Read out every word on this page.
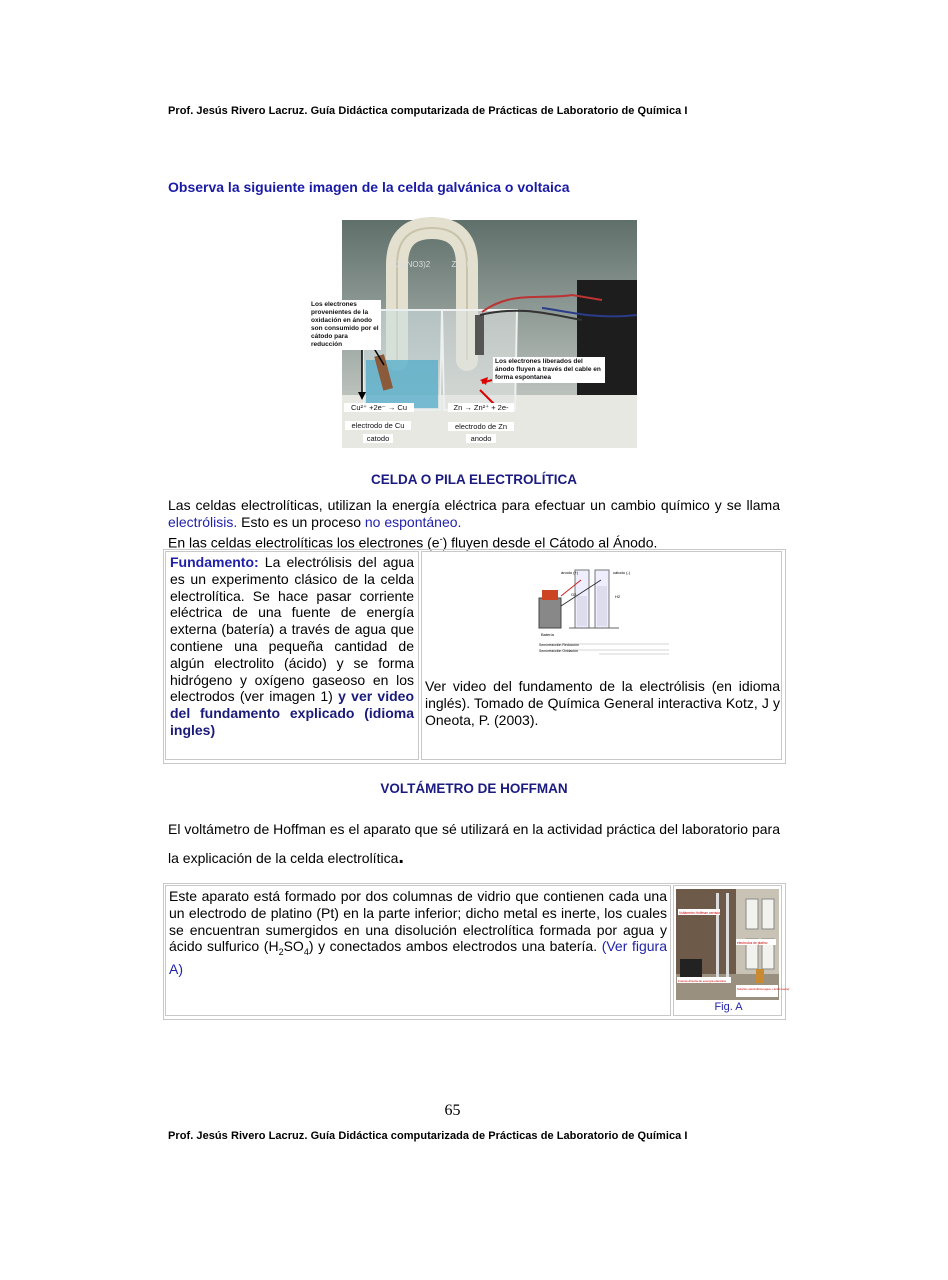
Prof. Jesús Rivero Lacruz. Guía Didáctica computarizada de Prácticas de Laboratorio de Química I
Observa la siguiente imagen de la celda galvánica o voltaica
Cu(NO3)2	ZnCl2
Los electrones provenientes de la oxidación en ánodo son consumido por el cátodo para reducción
Los electrones liberados del ánodo fluyen a través del cable en forma espontanea
Cu²⁺ +2e⁻ → Cu	Zn → Zn²⁺ + 2e-
electrodo de Cu
catodo
electrodo de Zn
anodo
CELDA O PILA ELECTROLÍTICA
Las celdas electrolíticas, utilizan la energía eléctrica para efectuar un cambio químico y se llama electrólisis. Esto es un proceso no espontáneo.
En las celdas electrolíticas los electrones (e-) fluyen desde el Cátodo al Ánodo.
Fundamento: La electrólisis del agua es un experimento clásico de la celda electrolítica. Se hace pasar corriente eléctrica de una fuente de energía externa (batería) a través de agua que contiene una pequeña cantidad de algún electrolito (ácido) y se forma hidrógeno y oxígeno gaseoso en los electrodos (ver imagen 1) y ver video del fundamento explicado (idioma ingles)
ánodo (+)	cátodo (-)
Batería
O2	H2
Semirreacción Reducción
Semirreacción Oxidación
Ver video del fundamento de la electrólisis (en idioma inglés). Tomado de Química General interactiva Kotz, J y Oneota, P. (2003).
VOLTÁMETRO DE HOFFMAN
El voltámetro de Hoffman es el aparato que sé utilizará en la actividad práctica del laboratorio para la explicación de la celda electrolítica.
Este aparato está formado por dos columnas de vidrio que contienen cada una un electrodo de platino (Pt) en la parte inferior; dicho metal es inerte, los cuales se encuentran sumergidos en una disolución electrolítica formada por agua y ácido sulfurico $(H_2SO_4)$ y conectados ambos electrodos una batería. (Ver figura A)
Voltámetro Hoffman cerrado
electrodos de platino
Fuente directa de energía eléctrica
Solución electrolítica (agua + ácido fuerte)
Fig. A
65
Prof. Jesús Rivero Lacruz. Guía Didáctica computarizada de Prácticas de Laboratorio de Química I
